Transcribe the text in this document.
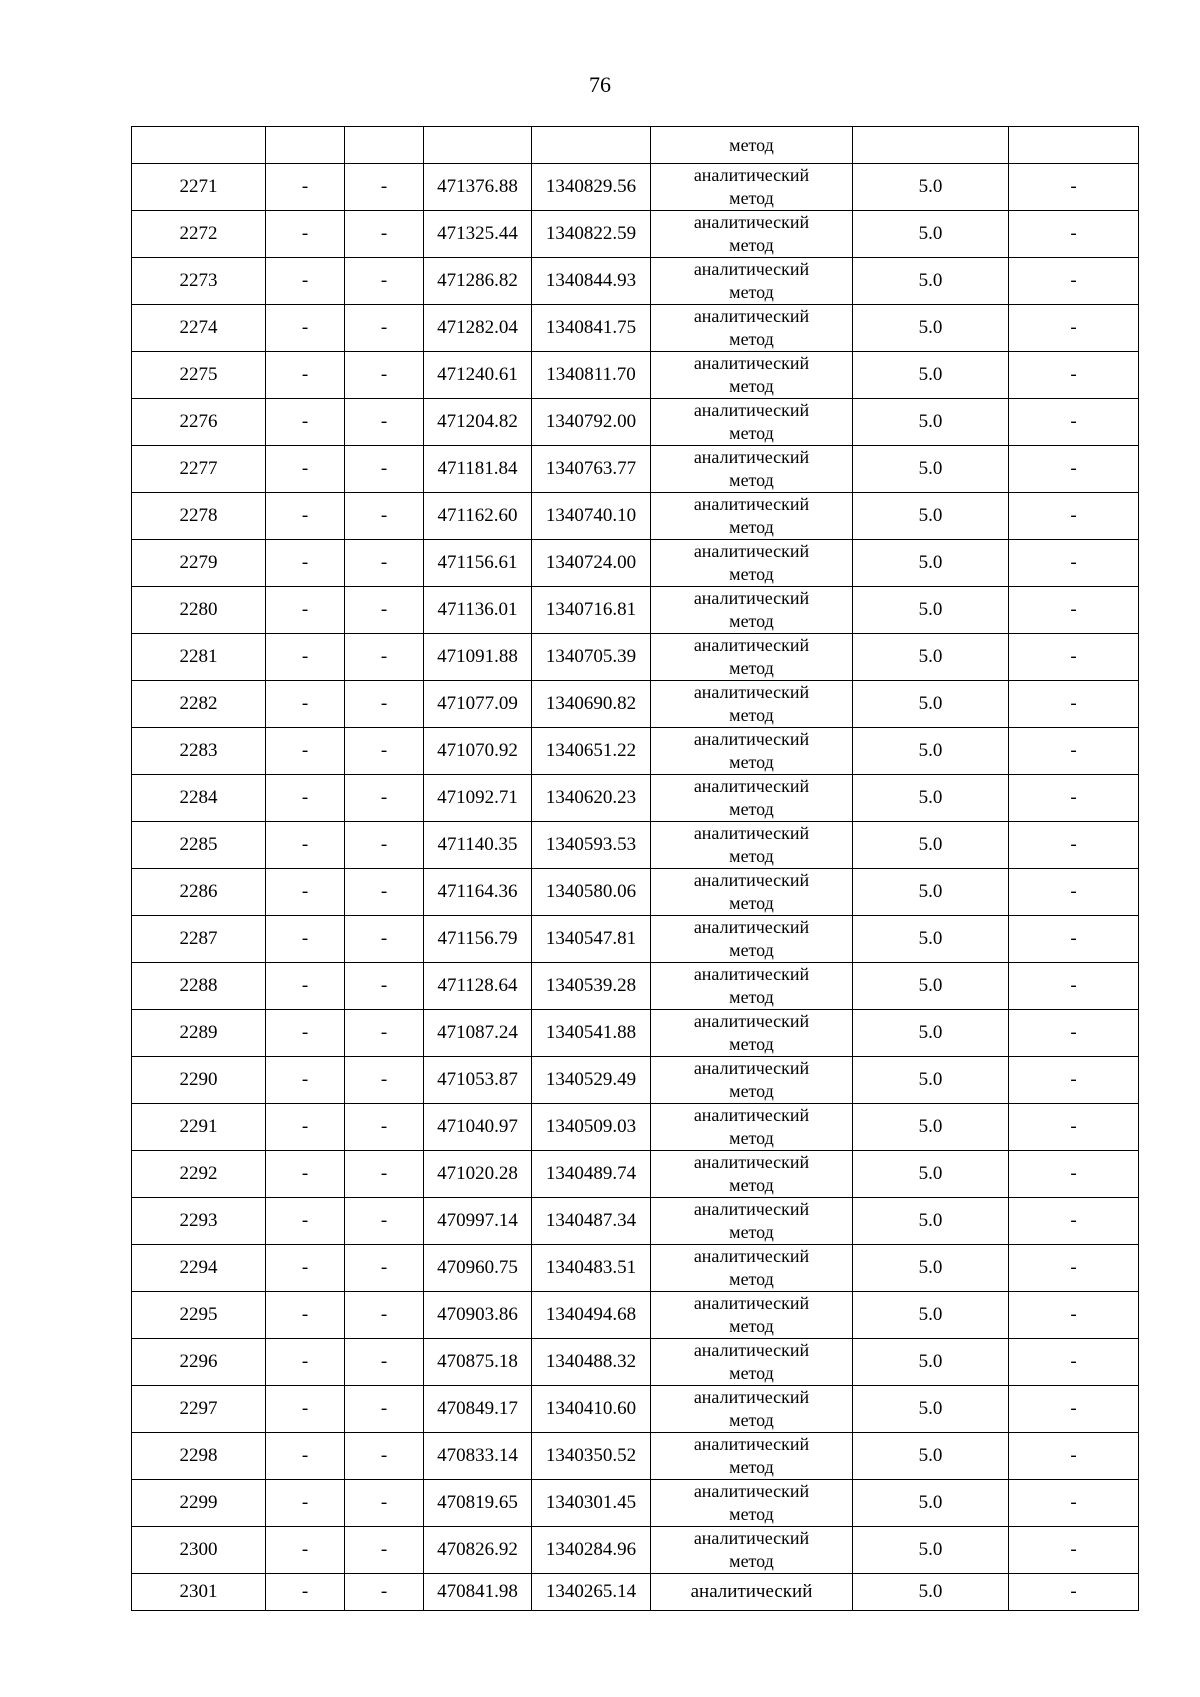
76

					метод		

2271	-	-	471376.88	1340829.56	аналитический
метод	5.0	-
2272	-	-	471325.44	1340822.59	аналитический
метод	5.0	-
2273	-	-	471286.82	1340844.93	аналитический
метод	5.0	-
2274	-	-	471282.04	1340841.75	аналитический
метод	5.0	-
2275	-	-	471240.61	1340811.70	аналитический
метод	5.0	-
2276	-	-	471204.82	1340792.00	аналитический
метод	5.0	-
2277	-	-	471181.84	1340763.77	аналитический
метод	5.0	-
2278	-	-	471162.60	1340740.10	аналитический
метод	5.0	-
2279	-	-	471156.61	1340724.00	аналитический
метод	5.0	-
2280	-	-	471136.01	1340716.81	аналитический
метод	5.0	-
2281	-	-	471091.88	1340705.39	аналитический
метод	5.0	-
2282	-	-	471077.09	1340690.82	аналитический
метод	5.0	-
2283	-	-	471070.92	1340651.22	аналитический
метод	5.0	-
2284	-	-	471092.71	1340620.23	аналитический
метод	5.0	-
2285	-	-	471140.35	1340593.53	аналитический
метод	5.0	-
2286	-	-	471164.36	1340580.06	аналитический
метод	5.0	-
2287	-	-	471156.79	1340547.81	аналитический
метод	5.0	-
2288	-	-	471128.64	1340539.28	аналитический
метод	5.0	-
2289	-	-	471087.24	1340541.88	аналитический
метод	5.0	-
2290	-	-	471053.87	1340529.49	аналитический
метод	5.0	-
2291	-	-	471040.97	1340509.03	аналитический
метод	5.0	-
2292	-	-	471020.28	1340489.74	аналитический
метод	5.0	-
2293	-	-	470997.14	1340487.34	аналитический
метод	5.0	-
2294	-	-	470960.75	1340483.51	аналитический
метод	5.0	-
2295	-	-	470903.86	1340494.68	аналитический
метод	5.0	-
2296	-	-	470875.18	1340488.32	аналитический
метод	5.0	-
2297	-	-	470849.17	1340410.60	аналитический
метод	5.0	-
2298	-	-	470833.14	1340350.52	аналитический
метод	5.0	-
2299	-	-	470819.65	1340301.45	аналитический
метод	5.0	-
2300	-	-	470826.92	1340284.96	аналитический
метод	5.0	-
2301	-	-	470841.98	1340265.14	аналитический	5.0	-
